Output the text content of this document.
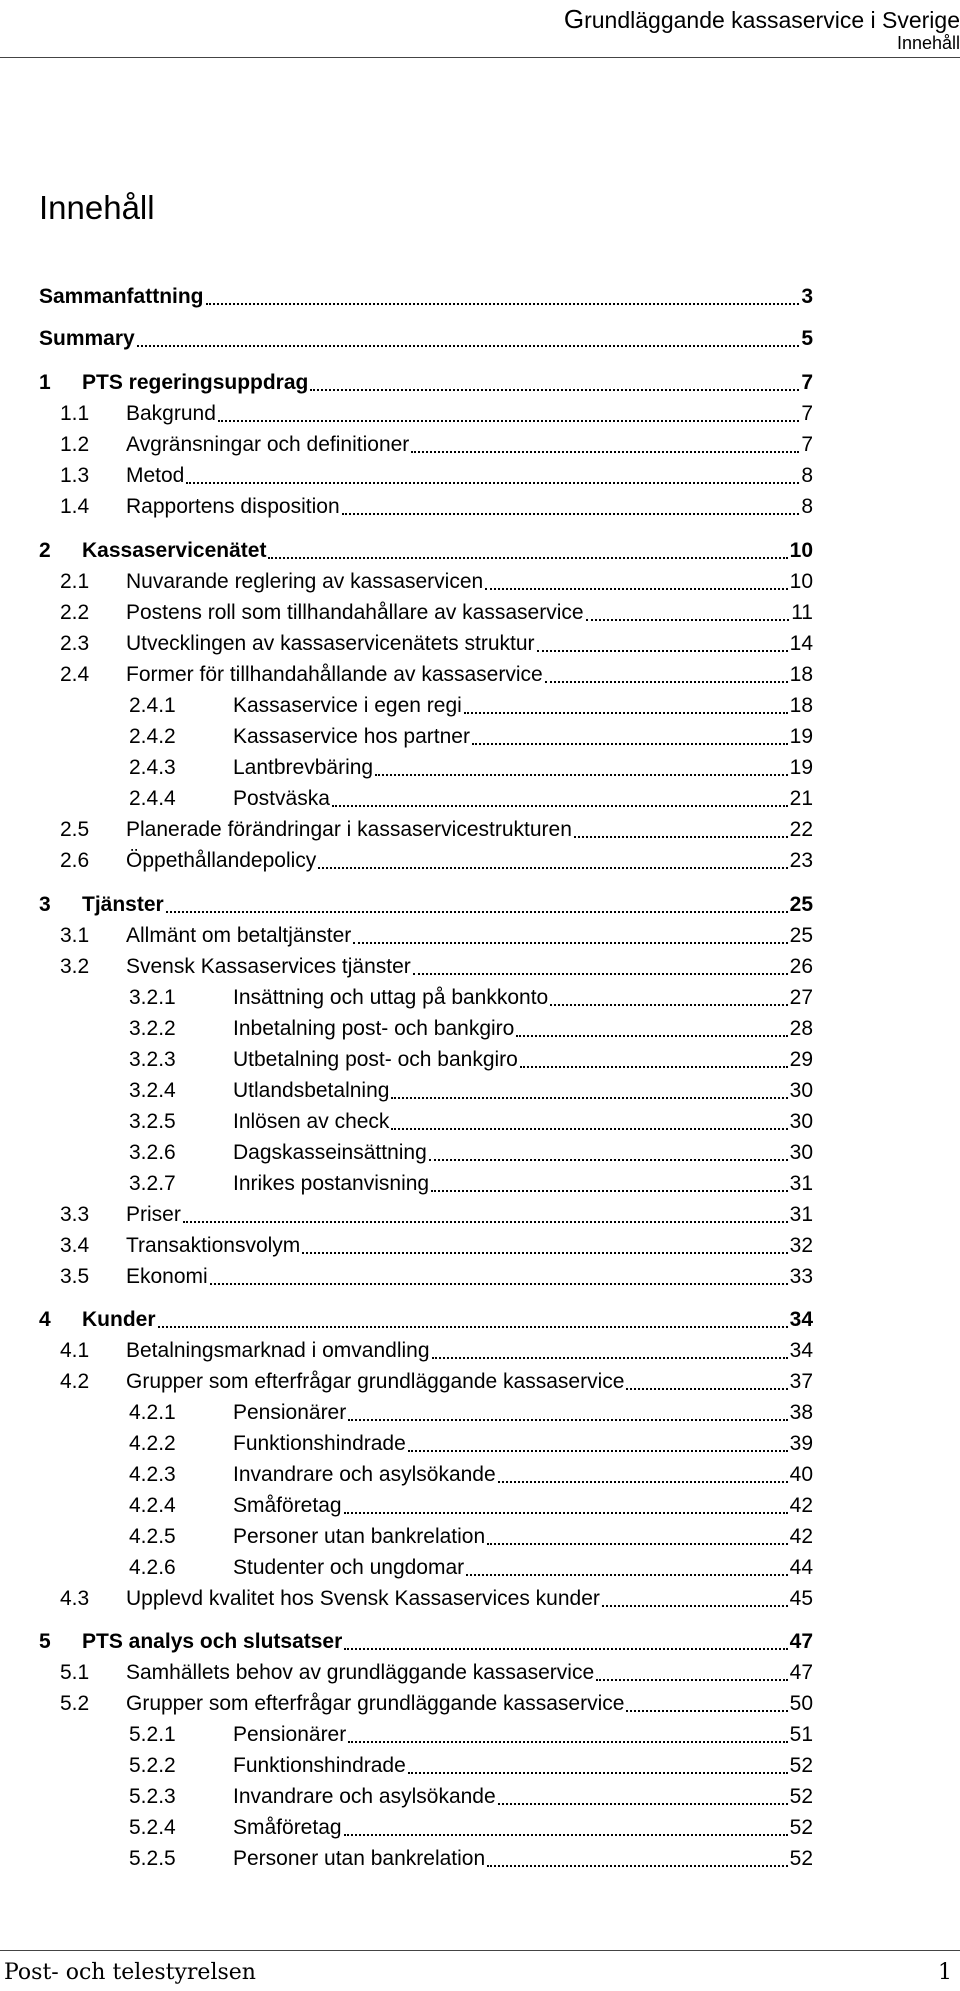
Grundläggande kassaservice i Sverige
Innehåll
Innehåll
Sammanfattning	3
Summary	5
1	PTS regeringsuppdrag	7
1.1	Bakgrund	7
1.2	Avgränsningar och definitioner	7
1.3	Metod	8
1.4	Rapportens disposition	8
2	Kassaservicenätet	10
2.1	Nuvarande reglering av kassaservicen	10
2.2	Postens roll som tillhandahållare av kassaservice	11
2.3	Utvecklingen av kassaservicenätets struktur	14
2.4	Former för tillhandahållande av kassaservice	18
2.4.1	Kassaservice i egen regi	18
2.4.2	Kassaservice hos partner	19
2.4.3	Lantbrevbäring	19
2.4.4	Postväska	21
2.5	Planerade förändringar i kassaservicestrukturen	22
2.6	Öppethållandepolicy	23
3	Tjänster	25
3.1	Allmänt om betaltjänster	25
3.2	Svensk Kassaservices tjänster	26
3.2.1	Insättning och uttag på bankkonto	27
3.2.2	Inbetalning post- och bankgiro	28
3.2.3	Utbetalning post- och bankgiro	29
3.2.4	Utlandsbetalning	30
3.2.5	Inlösen av check	30
3.2.6	Dagskasseinsättning	30
3.2.7	Inrikes postanvisning	31
3.3	Priser	31
3.4	Transaktionsvolym	32
3.5	Ekonomi	33
4	Kunder	34
4.1	Betalningsmarknad i omvandling	34
4.2	Grupper som efterfrågar grundläggande kassaservice	37
4.2.1	Pensionärer	38
4.2.2	Funktionshindrade	39
4.2.3	Invandrare och asylsökande	40
4.2.4	Småföretag	42
4.2.5	Personer utan bankrelation	42
4.2.6	Studenter och ungdomar	44
4.3	Upplevd kvalitet hos Svensk Kassaservices kunder	45
5	PTS analys och slutsatser	47
5.1	Samhällets behov av grundläggande kassaservice	47
5.2	Grupper som efterfrågar grundläggande kassaservice	50
5.2.1	Pensionärer	51
5.2.2	Funktionshindrade	52
5.2.3	Invandrare och asylsökande	52
5.2.4	Småföretag	52
5.2.5	Personer utan bankrelation	52
Post- och telestyrelsen	1
